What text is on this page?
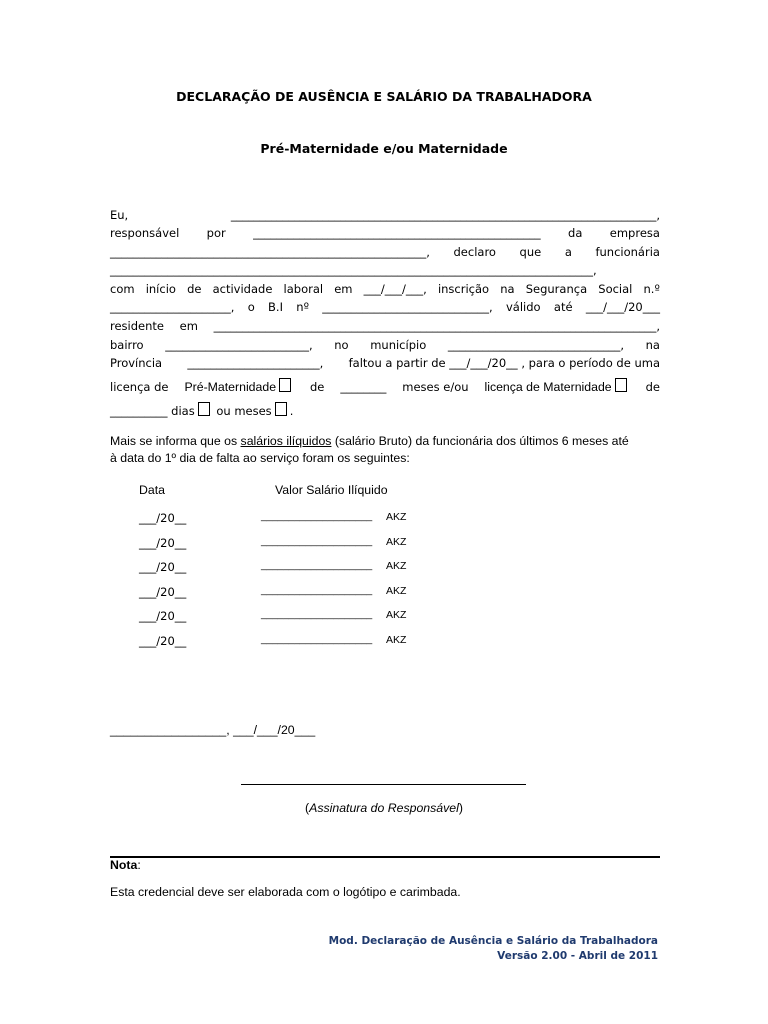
DECLARAÇÃO DE AUSÊNCIA E SALÁRIO DA TRABALHADORA
Pré-Maternidade e/ou Maternidade
Eu,	__________________________________________________________________________,
responsável por __________________________________________________ da empresa
_______________________________________________________, declaro que a funcionária
____________________________________________________________________________________,
com início de actividade laboral em ___/___/___, inscrição na Segurança Social n.º
_____________________, o B.I nº _____________________________, válido até ___/___/20___
residente em _____________________________________________________________________________,
bairro _________________________, no município ______________________________, na
Província _______________________, faltou a partir de ___/___/20__ , para o período de uma
licença de Pré-Maternidade	de ________ meses e/ou licença de Maternidade	de
__________ dias ou meses .
Mais se informa que os salários ilíquidos (salário Bruto) da funcionária dos últimos 6 meses até
à data do 1º dia de falta ao serviço foram os seguintes:
Data	Valor Salário Ilíquido
___/20__	____________________ AKZ
___/20__	____________________ AKZ
___/20__	____________________ AKZ
___/20__	____________________ AKZ
___/20__	____________________ AKZ
___/20__	____________________ AKZ
_________________, ___/___/20___
(Assinatura do Responsável)
Nota:
Esta credencial deve ser elaborada com o logótipo e carimbada.
Mod. Declaração de Ausência e Salário da Trabalhadora
Versão 2.00 - Abril de 2011
